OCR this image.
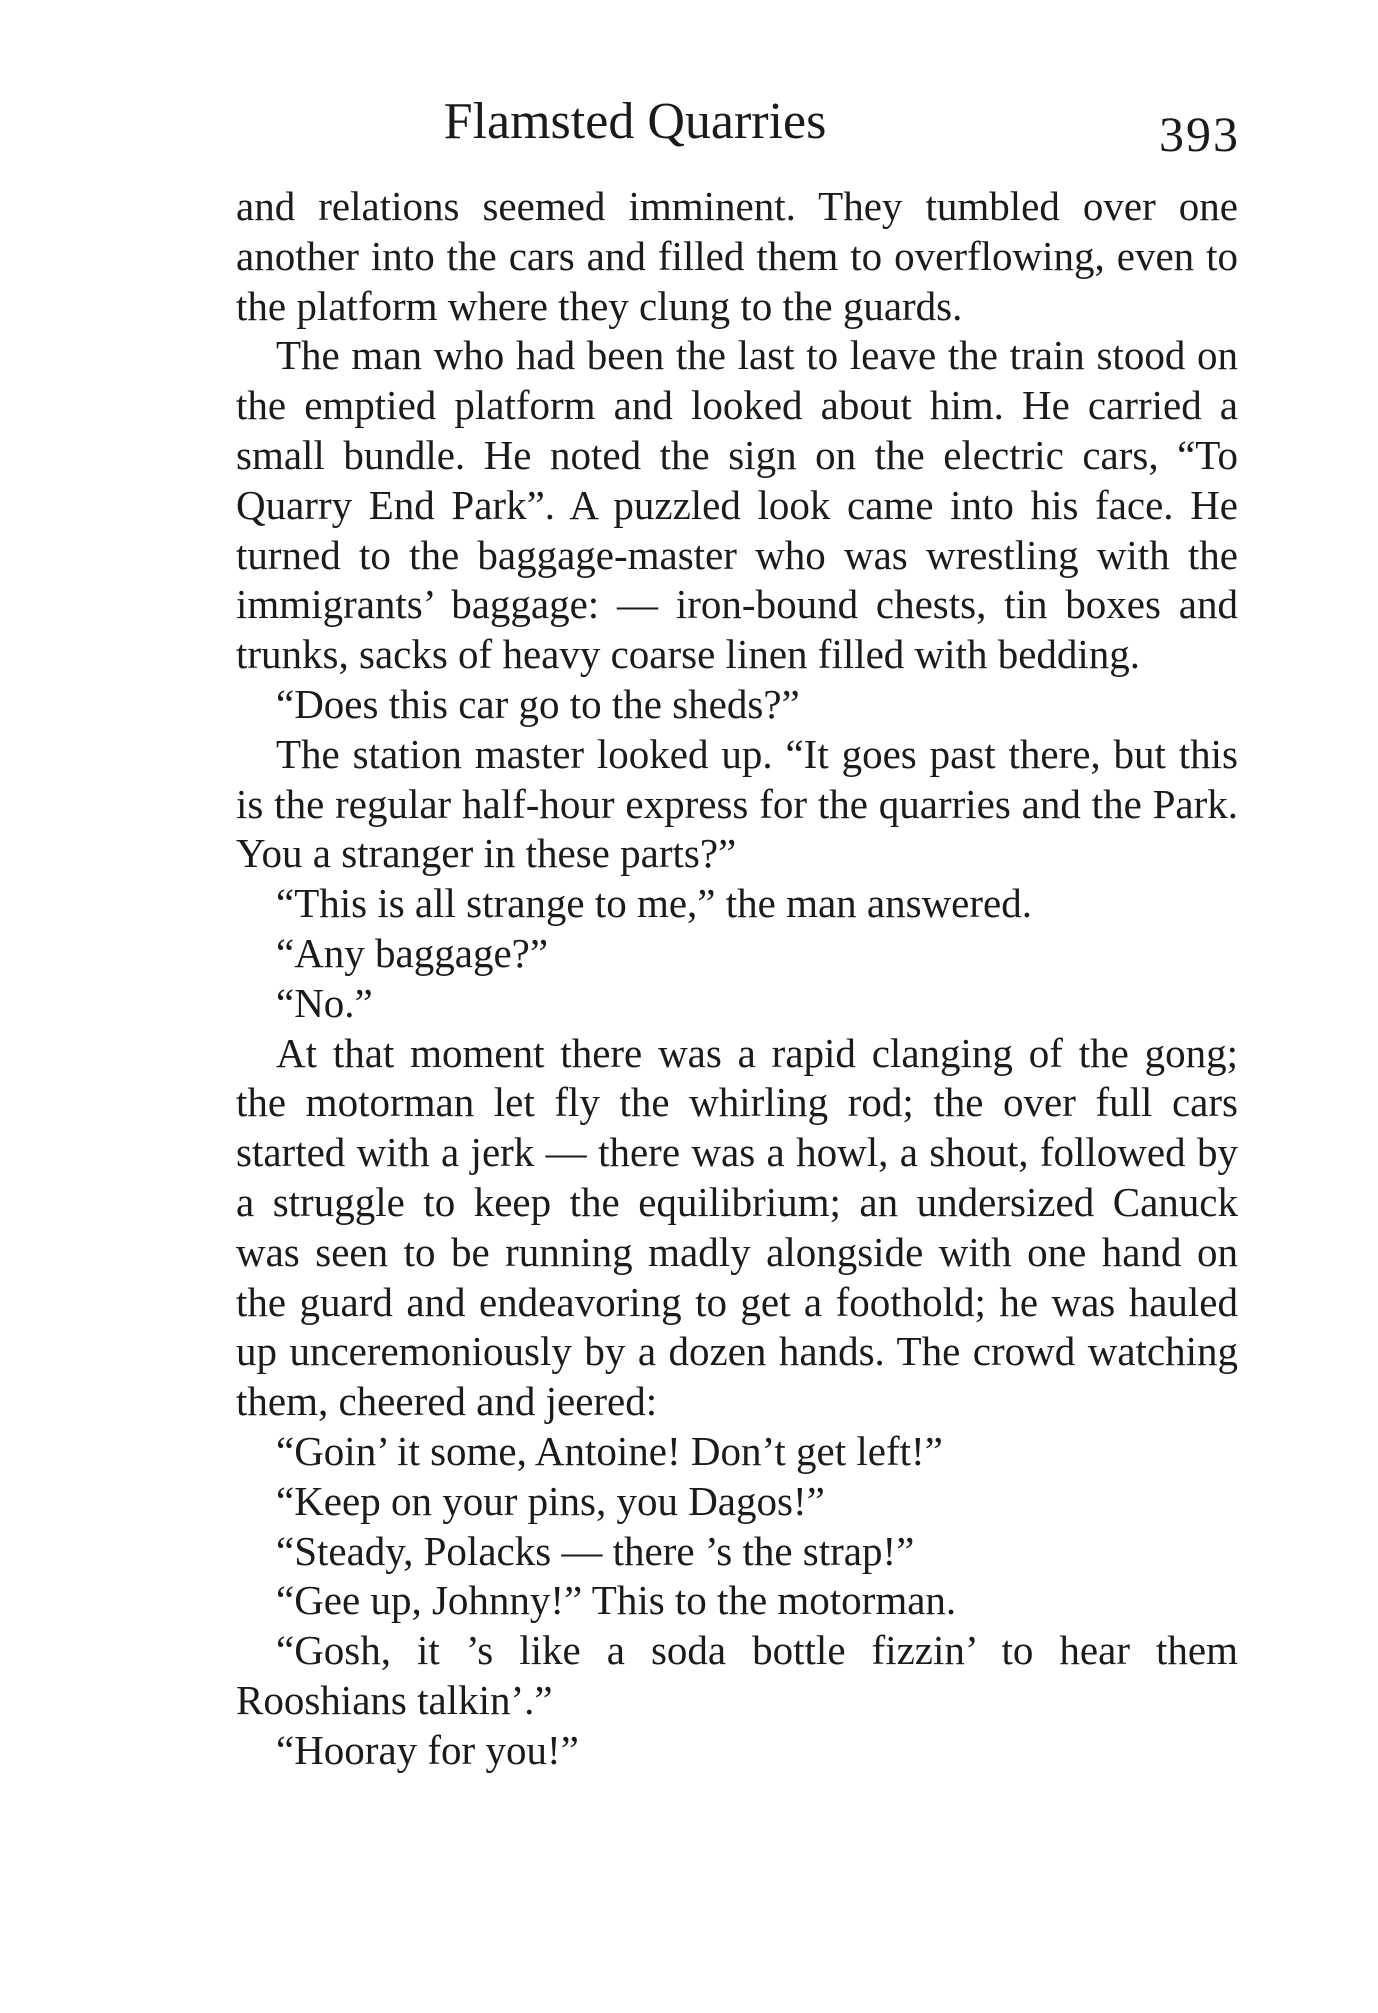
Flamsted Quarries	393

and relations seemed imminent. They tumbled over one another into the cars and filled them to overflowing, even to the platform where they clung to the guards.

The man who had been the last to leave the train stood on the emptied platform and looked about him. He carried a small bundle. He noted the sign on the electric cars, “To Quarry End Park”. A puzzled look came into his face. He turned to the baggage-master who was wrestling with the immigrants’ baggage: — iron-bound chests, tin boxes and trunks, sacks of heavy coarse linen filled with bedding.

“Does this car go to the sheds?”

The station master looked up. “It goes past there, but this is the regular half-hour express for the quarries and the Park. You a stranger in these parts?”

“This is all strange to me,” the man answered.

“Any baggage?”

“No.”

At that moment there was a rapid clanging of the gong; the motorman let fly the whirling rod; the over full cars started with a jerk — there was a howl, a shout, followed by a struggle to keep the equilibrium; an undersized Canuck was seen to be running madly alongside with one hand on the guard and endeavoring to get a foothold; he was hauled up unceremoniously by a dozen hands. The crowd watching them, cheered and jeered:

“Goin’ it some, Antoine! Don’t get left!”

“Keep on your pins, you Dagos!”

“Steady, Polacks — there ’s the strap!”

“Gee up, Johnny!” This to the motorman.

“Gosh, it ’s like a soda bottle fizzin’ to hear them Rooshians talkin’.”

“Hooray for you!”
